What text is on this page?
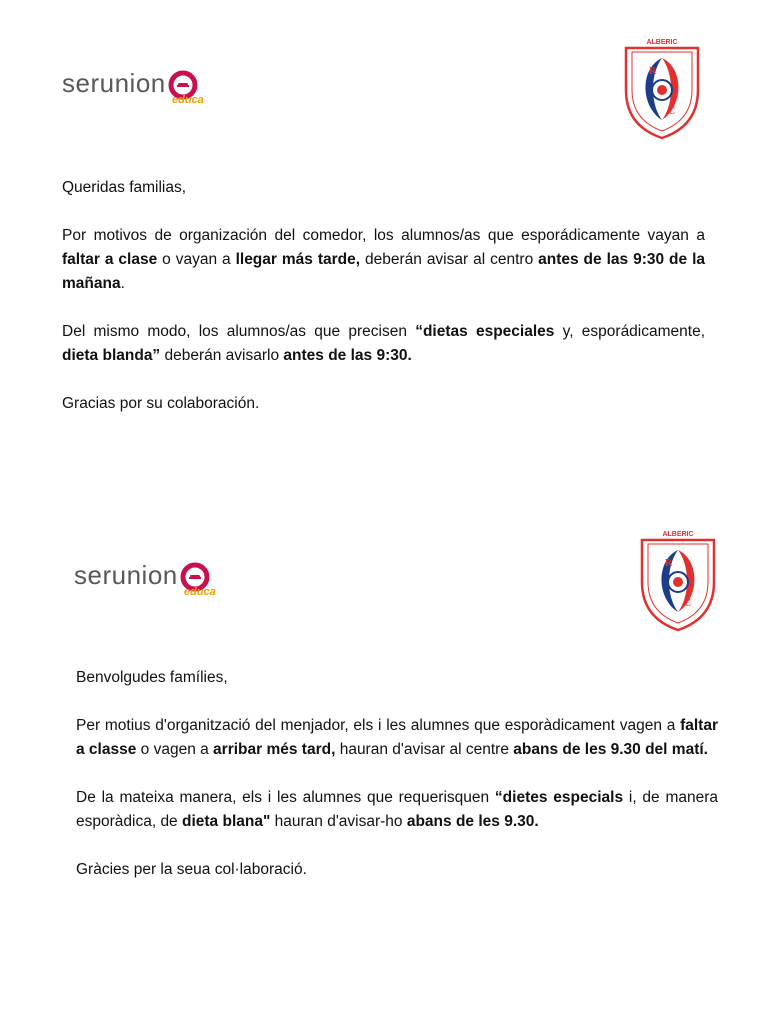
serunion
educa
ALBERIC
R
C

Queridas familias,

Por motivos de organización del comedor, los alumnos/as que esporádicamente vayan a faltar a clase o vayan a llegar más tarde, deberán avisar al centro antes de las 9:30 de la mañana.

Del mismo modo, los alumnos/as que precisen “dietas especiales y, esporádicamente, dieta blanda” deberán avisarlo antes de las 9:30.

Gracias por su colaboración.

serunion
educa
ALBERIC
R
C

Benvolgudes famílies,

Per motius d'organització del menjador, els i les alumnes que esporàdicament vagen a faltar a classe o vagen a arribar més tard, hauran d'avisar al centre abans de les 9.30 del matí.

De la mateixa manera, els i les alumnes que requerisquen “dietes especials i, de manera esporàdica, de dieta blana" hauran d'avisar-ho abans de les 9.30.

Gràcies per la seua col·laboració.
